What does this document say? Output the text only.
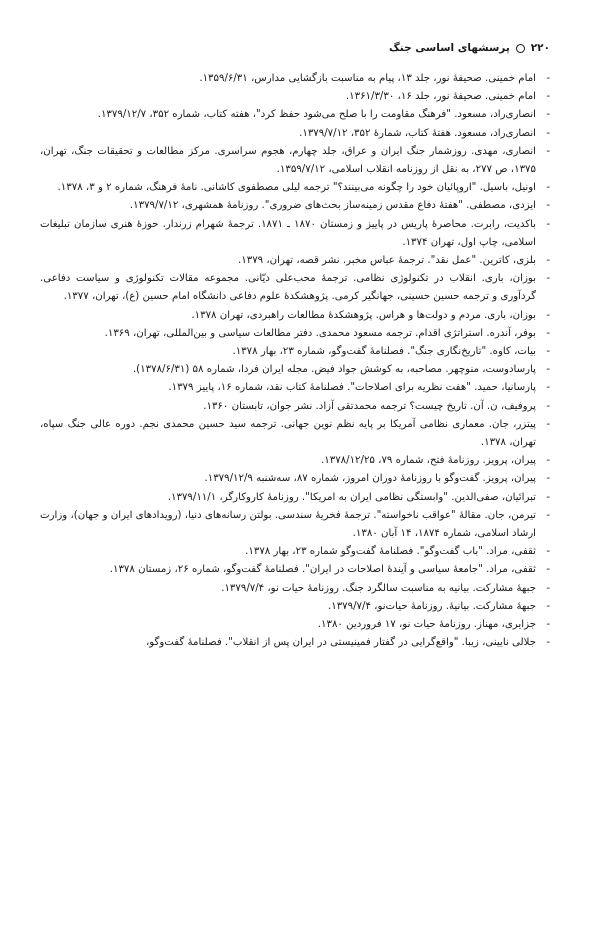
۲۲۰
پرسشهای اساسی جنگ
- امام خمینی. صحیفهٔ نور، جلد ۱۳، پیام به مناسبت بازگشایی مدارس، ۱۳۵۹/۶/۳۱.
- امام خمینی. صحیفهٔ نور، جلد ۱۶، ۱۳۶۱/۳/۳۰.
- انصاری‌راد، مسعود. "فرهنگ مقاومت را با صلح می‌شود حفظ کرد"، هفته کتاب، شماره ۳۵۲، ۱۳۷۹/۱۲/۷.
- انصاری‌راد، مسعود. هفتهٔ کتاب، شمارهٔ ۳۵۲، ۱۳۷۹/۷/۱۲.
- انصاری، مهدی. روزشمار جنگ ایران و عراق، جلد چهارم، هجوم سراسری. مرکز مطالعات و تحقیقات جنگ، تهران، ۱۳۷۵، ص ۲۷۷، به نقل از روزنامه انقلاب اسلامی، ۱۳۵۹/۷/۱۲.
- اونیل، باسیل. "اروپائیان خود را چگونه می‌بینند؟" ترجمه لیلی مصطفوی کاشانی. نامهٔ فرهنگ، شماره ۲ و ۳، ۱۳۷۸.
- ایزدی، مصطفی. "هفتهٔ دفاع مقدس زمینه‌ساز بحث‌های ضروری". روزنامهٔ همشهری، ۱۳۷۹/۷/۱۲.
- باکدیت، رابرت. محاصرهٔ پاریس در پاییز و زمستان ۱۸۷۰ ـ ۱۸۷۱. ترجمهٔ شهرام زرندار. حوزهٔ هنری سازمان تبلیغات اسلامی، چاپ اول، تهران ۱۳۷۴.
- بلزی، کاترین. "عمل نقد". ترجمهٔ عباس مخبر. نشر قصه، تهران، ۱۳۷۹.
- بوزان، باری. انقلاب در تکنولوژی نظامی. ترجمهٔ محب‌علی دیّانی. مجموعه مقالات تکنولوژی و سیاست دفاعی. گردآوری و ترجمه حسین حسینی، جهانگیر کرمی. پژوهشکدهٔ علوم دفاعی دانشگاه امام حسین (ع)، تهران، ۱۳۷۷.
- بوزان، باری. مردم و دولت‌ها و هراس. پژوهشکدهٔ مطالعات راهبردی، تهران ۱۳۷۸.
- بوفر، آندره. استراتژی اقدام. ترجمه مسعود محمدی. دفتر مطالعات سیاسی و بین‌المللی، تهران، ۱۳۶۹.
- بیات، کاوه. "تاریخ‌نگاری جنگ". فصلنامهٔ گفت‌وگو، شماره ۲۳، بهار ۱۳۷۸.
- پارسادوست، منوچهر. مصاحبه، به کوشش جواد فیض. مجله ایران فردا، شماره ۵۸ (۱۳۷۸/۶/۳۱).
- پارسانیا، حمید. "هفت نظریه برای اصلاحات". فصلنامهٔ کتاب نقد، شماره ۱۶، پاییز ۱۳۷۹.
- پروفیف، ن. آن. تاریخ چیست؟ ترجمه محمدتقی آزاد. نشر جوان، تابستان ۱۳۶۰.
- پیتزر، جان. معماری نظامی آمریکا بر پایه نظم نوین جهانی. ترجمه سید حسین محمدی نجم. دوره عالی جنگ سپاه، تهران، ۱۳۷۸.
- پیران، پرویز. روزنامهٔ فتح، شماره ۷۹، ۱۳۷۸/۱۲/۲۵.
- پیران، پرویز. گفت‌وگو با روزنامهٔ دوران امروز، شماره ۸۷، سه‌شنبه ۱۳۷۹/۱۲/۹.
- تبرائیان، صفی‌الدین. "وابستگی نظامی ایران به امریکا". روزنامهٔ کاروکارگر، ۱۳۷۹/۱۱/۱.
- تیرمن، جان. مقالهٔ "عواقب ناخواسته". ترجمهٔ فخریهٔ سندسی. بولتن رسانه‌های دنیا، (رویدادهای ایران و جهان)، وزارت ارشاد اسلامی، شماره ۱۸۷۴، ۱۴ آبان ۱۳۸۰.
- ثقفی، مراد. "باب گفت‌وگو". فصلنامهٔ گفت‌وگو شماره ۲۳، بهار ۱۳۷۸.
- ثقفی، مراد. "جامعهٔ سیاسی و آیندهٔ اصلاحات در ایران". فصلنامهٔ گفت‌وگو، شماره ۲۶، زمستان ۱۳۷۸.
- جبههٔ مشارکت. بیانیه به مناسبت سالگرد جنگ. روزنامهٔ حیات نو، ۱۳۷۹/۷/۴.
- جبههٔ مشارکت. بیانیهٔ. روزنامهٔ حیات‌نو، ۱۳۷۹/۷/۴.
- جزایری، مهناز. روزنامهٔ حیات نو، ۱۷ فروردین ۱۳۸۰.
- جلالی نایینی، زیبا. "واقع‌گرایی در گفتار فمینیستی در ایران پس از انقلاب". فصلنامهٔ گفت‌وگو،
